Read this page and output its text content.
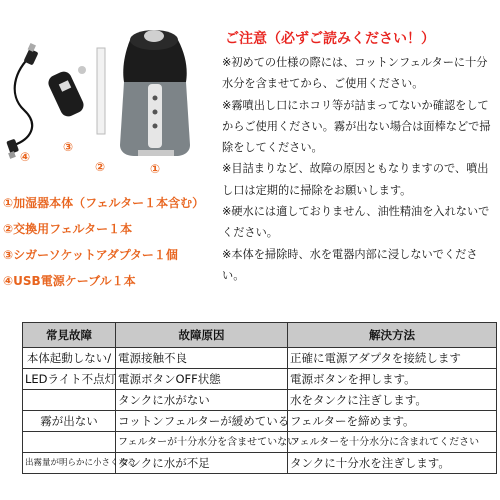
④
③
②	①
①加湿器本体（フェルター１本含む）
②交換用フェルター１本
③シガーソケットアダプター１個
④USB電源ケーブル１本
ご注意（必ずご読みください！）

※初めての仕様の際には、コットンフェルターに十分水分を含ませてから、ご使用ください。

※霧噴出し口にホコリ等が詰まってないか確認をしてからご使用ください。霧が出ない場合は面棒などで掃除をしてください。

※目詰まりなど、故障の原因ともなりますので、噴出し口は定期的に掃除をお願いします。

※硬水には適しておりません、油性精油を入れないでください。

※本体を掃除時、水を電器内部に浸しないでください。

常見故障	故障原因	解決方法
本体起動しない/	電源接触不良	正確に電源アダプタを接続します
LEDライト不点灯	電源ボタンOFF状態	電源ボタンを押します。
	タンクに水がない	水をタンクに注ぎします。
霧が出ない	コットンフェルターが緩めている	フェルターを締めます。
	フェルターが十分水分を含ませていない	フェルターを十分水分に含まれてください
出霧量が明らかに小さくなる	タンクに水が不足	タンクに十分水を注ぎします。
